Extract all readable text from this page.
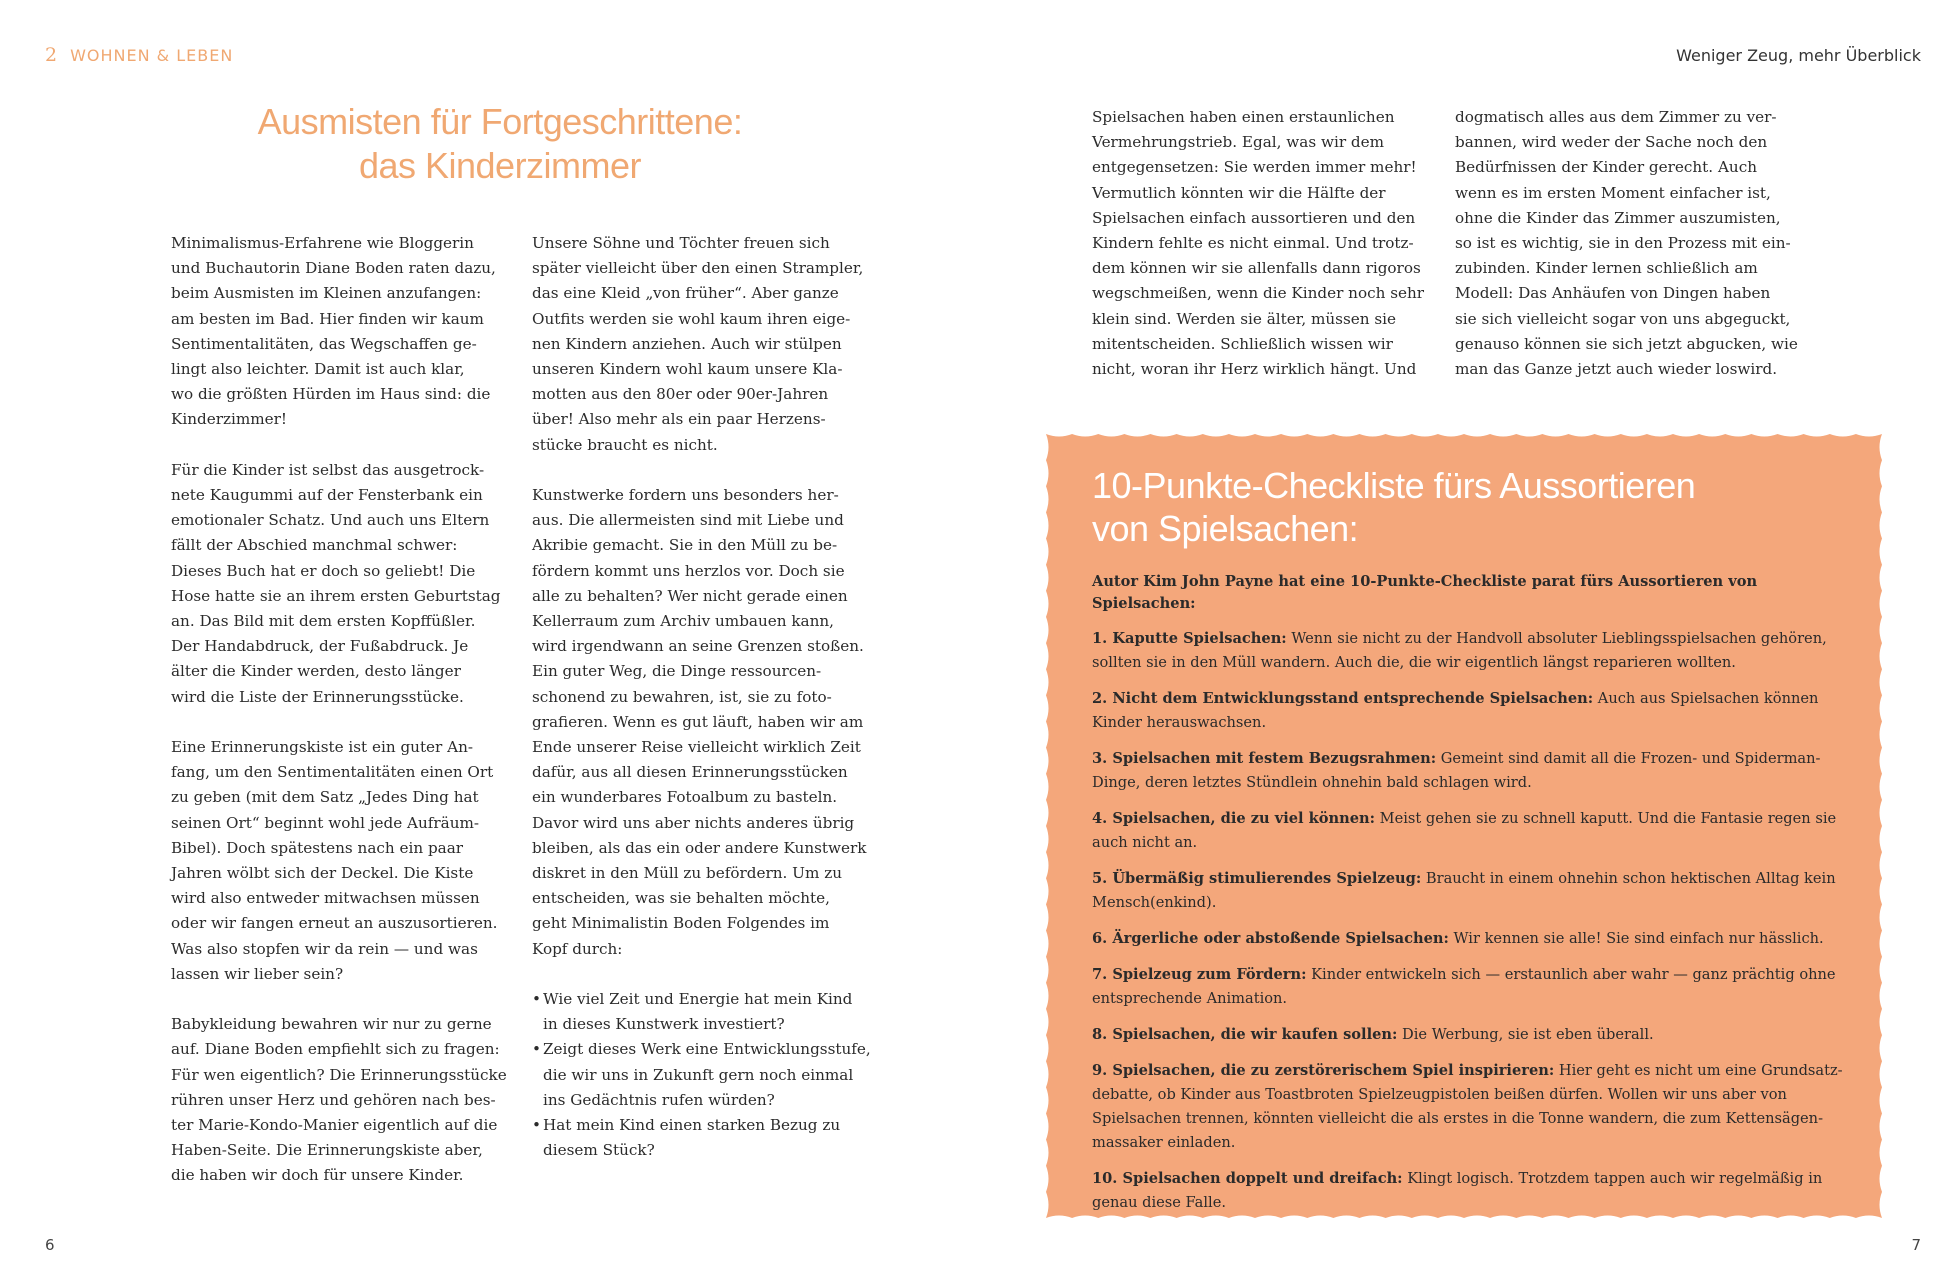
2 WOHNEN & LEBEN	Weniger Zeug, mehr Überblick
Ausmisten für Fortgeschrittene: das Kinderzimmer

Minimalismus-Erfahrene wie Bloggerin
und Buchautorin Diane Boden raten dazu,
beim Ausmisten im Kleinen anzufangen:
am besten im Bad. Hier finden wir kaum
Sentimentalitäten, das Wegschaffen ge-
lingt also leichter. Damit ist auch klar,
wo die größten Hürden im Haus sind: die
Kinderzimmer!

Für die Kinder ist selbst das ausgetrock-
nete Kaugummi auf der Fensterbank ein
emotionaler Schatz. Und auch uns Eltern
fällt der Abschied manchmal schwer:
Dieses Buch hat er doch so geliebt! Die
Hose hatte sie an ihrem ersten Geburtstag
an. Das Bild mit dem ersten Kopffüßler.
Der Handabdruck, der Fußabdruck. Je
älter die Kinder werden, desto länger
wird die Liste der Erinnerungsstücke.

Eine Erinnerungskiste ist ein guter An-
fang, um den Sentimentalitäten einen Ort
zu geben (mit dem Satz „Jedes Ding hat
seinen Ort“ beginnt wohl jede Aufräum-
Bibel). Doch spätestens nach ein paar
Jahren wölbt sich der Deckel. Die Kiste
wird also entweder mitwachsen müssen
oder wir fangen erneut an auszusortieren.
Was also stopfen wir da rein — und was
lassen wir lieber sein?

Babykleidung bewahren wir nur zu gerne
auf. Diane Boden empfiehlt sich zu fragen:
Für wen eigentlich? Die Erinnerungsstücke
rühren unser Herz und gehören nach bes-
ter Marie-Kondo-Manier eigentlich auf die
Haben-Seite. Die Erinnerungskiste aber,
die haben wir doch für unsere Kinder.

Unsere Söhne und Töchter freuen sich
später vielleicht über den einen Strampler,
das eine Kleid „von früher“. Aber ganze
Outfits werden sie wohl kaum ihren eige-
nen Kindern anziehen. Auch wir stülpen
unseren Kindern wohl kaum unsere Kla-
motten aus den 80er oder 90er-Jahren
über! Also mehr als ein paar Herzens-
stücke braucht es nicht.

Kunstwerke fordern uns besonders her-
aus. Die allermeisten sind mit Liebe und
Akribie gemacht. Sie in den Müll zu be-
fördern kommt uns herzlos vor. Doch sie
alle zu behalten? Wer nicht gerade einen
Kellerraum zum Archiv umbauen kann,
wird irgendwann an seine Grenzen stoßen.
Ein guter Weg, die Dinge ressourcen-
schonend zu bewahren, ist, sie zu foto-
grafieren. Wenn es gut läuft, haben wir am
Ende unserer Reise vielleicht wirklich Zeit
dafür, aus all diesen Erinnerungsstücken
ein wunderbares Fotoalbum zu basteln.
Davor wird uns aber nichts anderes übrig
bleiben, als das ein oder andere Kunstwerk
diskret in den Müll zu befördern. Um zu
entscheiden, was sie behalten möchte,
geht Minimalistin Boden Folgendes im
Kopf durch:

• Wie viel Zeit und Energie hat mein Kind
in dieses Kunstwerk investiert?
• Zeigt dieses Werk eine Entwicklungsstufe,
die wir uns in Zukunft gern noch einmal
ins Gedächtnis rufen würden?
• Hat mein Kind einen starken Bezug zu
diesem Stück?

Spielsachen haben einen erstaunlichen
Vermehrungstrieb. Egal, was wir dem
entgegensetzen: Sie werden immer mehr!
Vermutlich könnten wir die Hälfte der
Spielsachen einfach aussortieren und den
Kindern fehlte es nicht einmal. Und trotz-
dem können wir sie allenfalls dann rigoros
wegschmeißen, wenn die Kinder noch sehr
klein sind. Werden sie älter, müssen sie
mitentscheiden. Schließlich wissen wir
nicht, woran ihr Herz wirklich hängt. Und

dogmatisch alles aus dem Zimmer zu ver-
bannen, wird weder der Sache noch den
Bedürfnissen der Kinder gerecht. Auch
wenn es im ersten Moment einfacher ist,
ohne die Kinder das Zimmer auszumisten,
so ist es wichtig, sie in den Prozess mit ein-
zubinden. Kinder lernen schließlich am
Modell: Das Anhäufen von Dingen haben
sie sich vielleicht sogar von uns abgeguckt,
genauso können sie sich jetzt abgucken, wie
man das Ganze jetzt auch wieder loswird.

10-Punkte-Checkliste fürs Aussortieren
von Spielsachen:
Autor Kim John Payne hat eine 10-Punkte-Checkliste parat fürs Aussortieren von Spielsachen:
1. Kaputte Spielsachen: Wenn sie nicht zu der Handvoll absoluter Lieblingsspielsachen gehören, sollten sie in den Müll wandern. Auch die, die wir eigentlich längst reparieren wollten.
2. Nicht dem Entwicklungsstand entsprechende Spielsachen: Auch aus Spielsachen können Kinder herauswachsen.
3. Spielsachen mit festem Bezugsrahmen: Gemeint sind damit all die Frozen- und Spiderman-Dinge, deren letztes Stündlein ohnehin bald schlagen wird.
4. Spielsachen, die zu viel können: Meist gehen sie zu schnell kaputt. Und die Fantasie regen sie auch nicht an.
5. Übermäßig stimulierendes Spielzeug: Braucht in einem ohnehin schon hektischen Alltag kein Mensch(enkind).
6. Ärgerliche oder abstoßende Spielsachen: Wir kennen sie alle! Sie sind einfach nur hässlich.
7. Spielzeug zum Fördern: Kinder entwickeln sich — erstaunlich aber wahr — ganz prächtig ohne entsprechende Animation.
8. Spielsachen, die wir kaufen sollen: Die Werbung, sie ist eben überall.
9. Spielsachen, die zu zerstörerischem Spiel inspirieren: Hier geht es nicht um eine Grundsatz-debatte, ob Kinder aus Toastbroten Spielzeugpistolen beißen dürfen. Wollen wir uns aber von Spielsachen trennen, könnten vielleicht die als erstes in die Tonne wandern, die zum Kettensägen-massaker einladen.
10. Spielsachen doppelt und dreifach: Klingt logisch. Trotzdem tappen auch wir regelmäßig in genau diese Falle.
6	7
